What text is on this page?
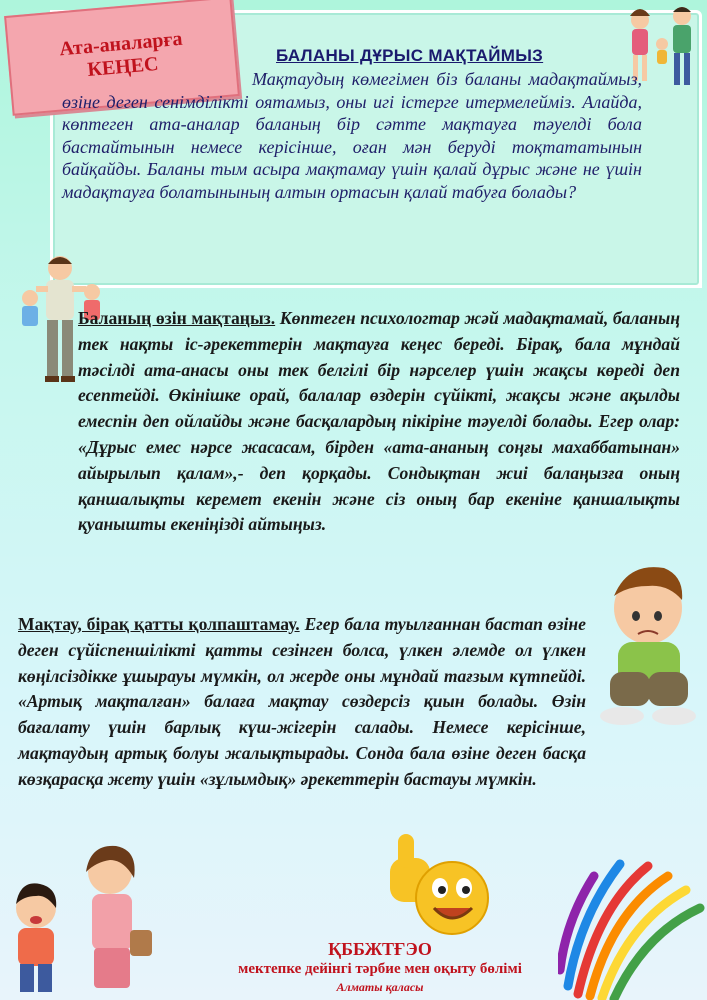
Ата-аналарға
КЕҢЕС	БАЛАНЫ ДҰРЫС МАҚТАЙМЫЗ

Мақтаудың көмегімен біз баланы мадақтаймыз, өзіне деген сенімділікті оятамыз, оны игі істерге итермелейміз. Алайда, көптеген ата-аналар баланың бір сәтте мақтауға тәуелді бола бастайтынын немесе керісінше, оған мән беруді тоқтататынын байқайды. Баланы тым асыра мақтамау үшін қалай дұрыс және не үшін мадақтауға болатынының алтын ортасын қалай табуға болады?

Баланың өзін мақтаңыз. Көптеген психологтар жәй мадақтамай, баланың тек нақты іс-әрекеттерін мақтауға кеңес береді. Бірақ, бала мұндай тәсілді ата-анасы оны тек белгілі бір нәрселер үшін жақсы көреді деп есептейді. Өкінішке орай, балалар өздерін сүйікті, жақсы және ақылды емеспін деп ойлайды және басқалардың пікіріне тәуелді болады. Егер олар: «Дұрыс емес нәрсе жасасам, бірден «ата-ананың соңғы махаббатынан» айырылып қалам»,- деп қорқады. Сондықтан жиі балаңызға оның қаншалықты керемет екенін және сіз оның бар екеніне қаншалықты қуанышты екеніңізді айтыңыз.

Мақтау, бірақ қатты қолпаштамау. Егер бала туылғаннан бастап өзіне деген сүйіспеншілікті қатты сезінген болса, үлкен әлемде ол үлкен көңілсіздікке ұшырауы мүмкін, ол жерде оны мұндай тағзым күтпейді. «Артық мақталған» балаға мақтау сөздерсіз қиын болады. Өзін бағалату үшін барлық күш-жігерін салады. Немесе керісінше, мақтаудың артық болуы жалықтырады. Сонда бала өзіне деген басқа көзқарасқа жету үшін «зұлымдық» әрекеттерін бастауы мүмкін.

ҚББЖТҒЭО
мектепке дейінгі тәрбие мен оқыту бөлімі
Алматы қаласы
